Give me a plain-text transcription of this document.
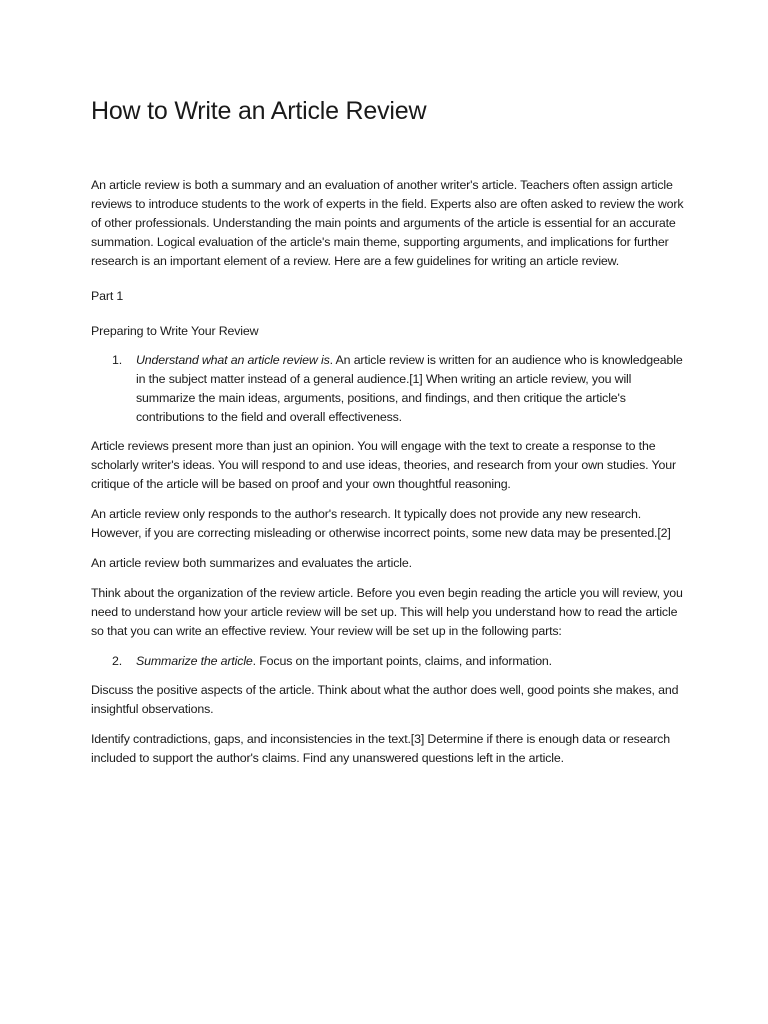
How to Write an Article Review

An article review is both a summary and an evaluation of another writer's article. Teachers often assign article reviews to introduce students to the work of experts in the field. Experts also are often asked to review the work of other professionals. Understanding the main points and arguments of the article is essential for an accurate summation. Logical evaluation of the article's main theme, supporting arguments, and implications for further research is an important element of a review. Here are a few guidelines for writing an article review.

Part 1

Preparing to Write Your Review

1.	Understand what an article review is. An article review is written for an audience who is knowledgeable in the subject matter instead of a general audience.[1] When writing an article review, you will summarize the main ideas, arguments, positions, and findings, and then critique the article's contributions to the field and overall effectiveness.

Article reviews present more than just an opinion. You will engage with the text to create a response to the scholarly writer's ideas. You will respond to and use ideas, theories, and research from your own studies. Your critique of the article will be based on proof and your own thoughtful reasoning.

An article review only responds to the author's research. It typically does not provide any new research. However, if you are correcting misleading or otherwise incorrect points, some new data may be presented.[2]

An article review both summarizes and evaluates the article.

Think about the organization of the review article. Before you even begin reading the article you will review, you need to understand how your article review will be set up. This will help you understand how to read the article so that you can write an effective review. Your review will be set up in the following parts:

2.	Summarize the article. Focus on the important points, claims, and information.

Discuss the positive aspects of the article. Think about what the author does well, good points she makes, and insightful observations.

Identify contradictions, gaps, and inconsistencies in the text.[3] Determine if there is enough data or research included to support the author's claims. Find any unanswered questions left in the article.
